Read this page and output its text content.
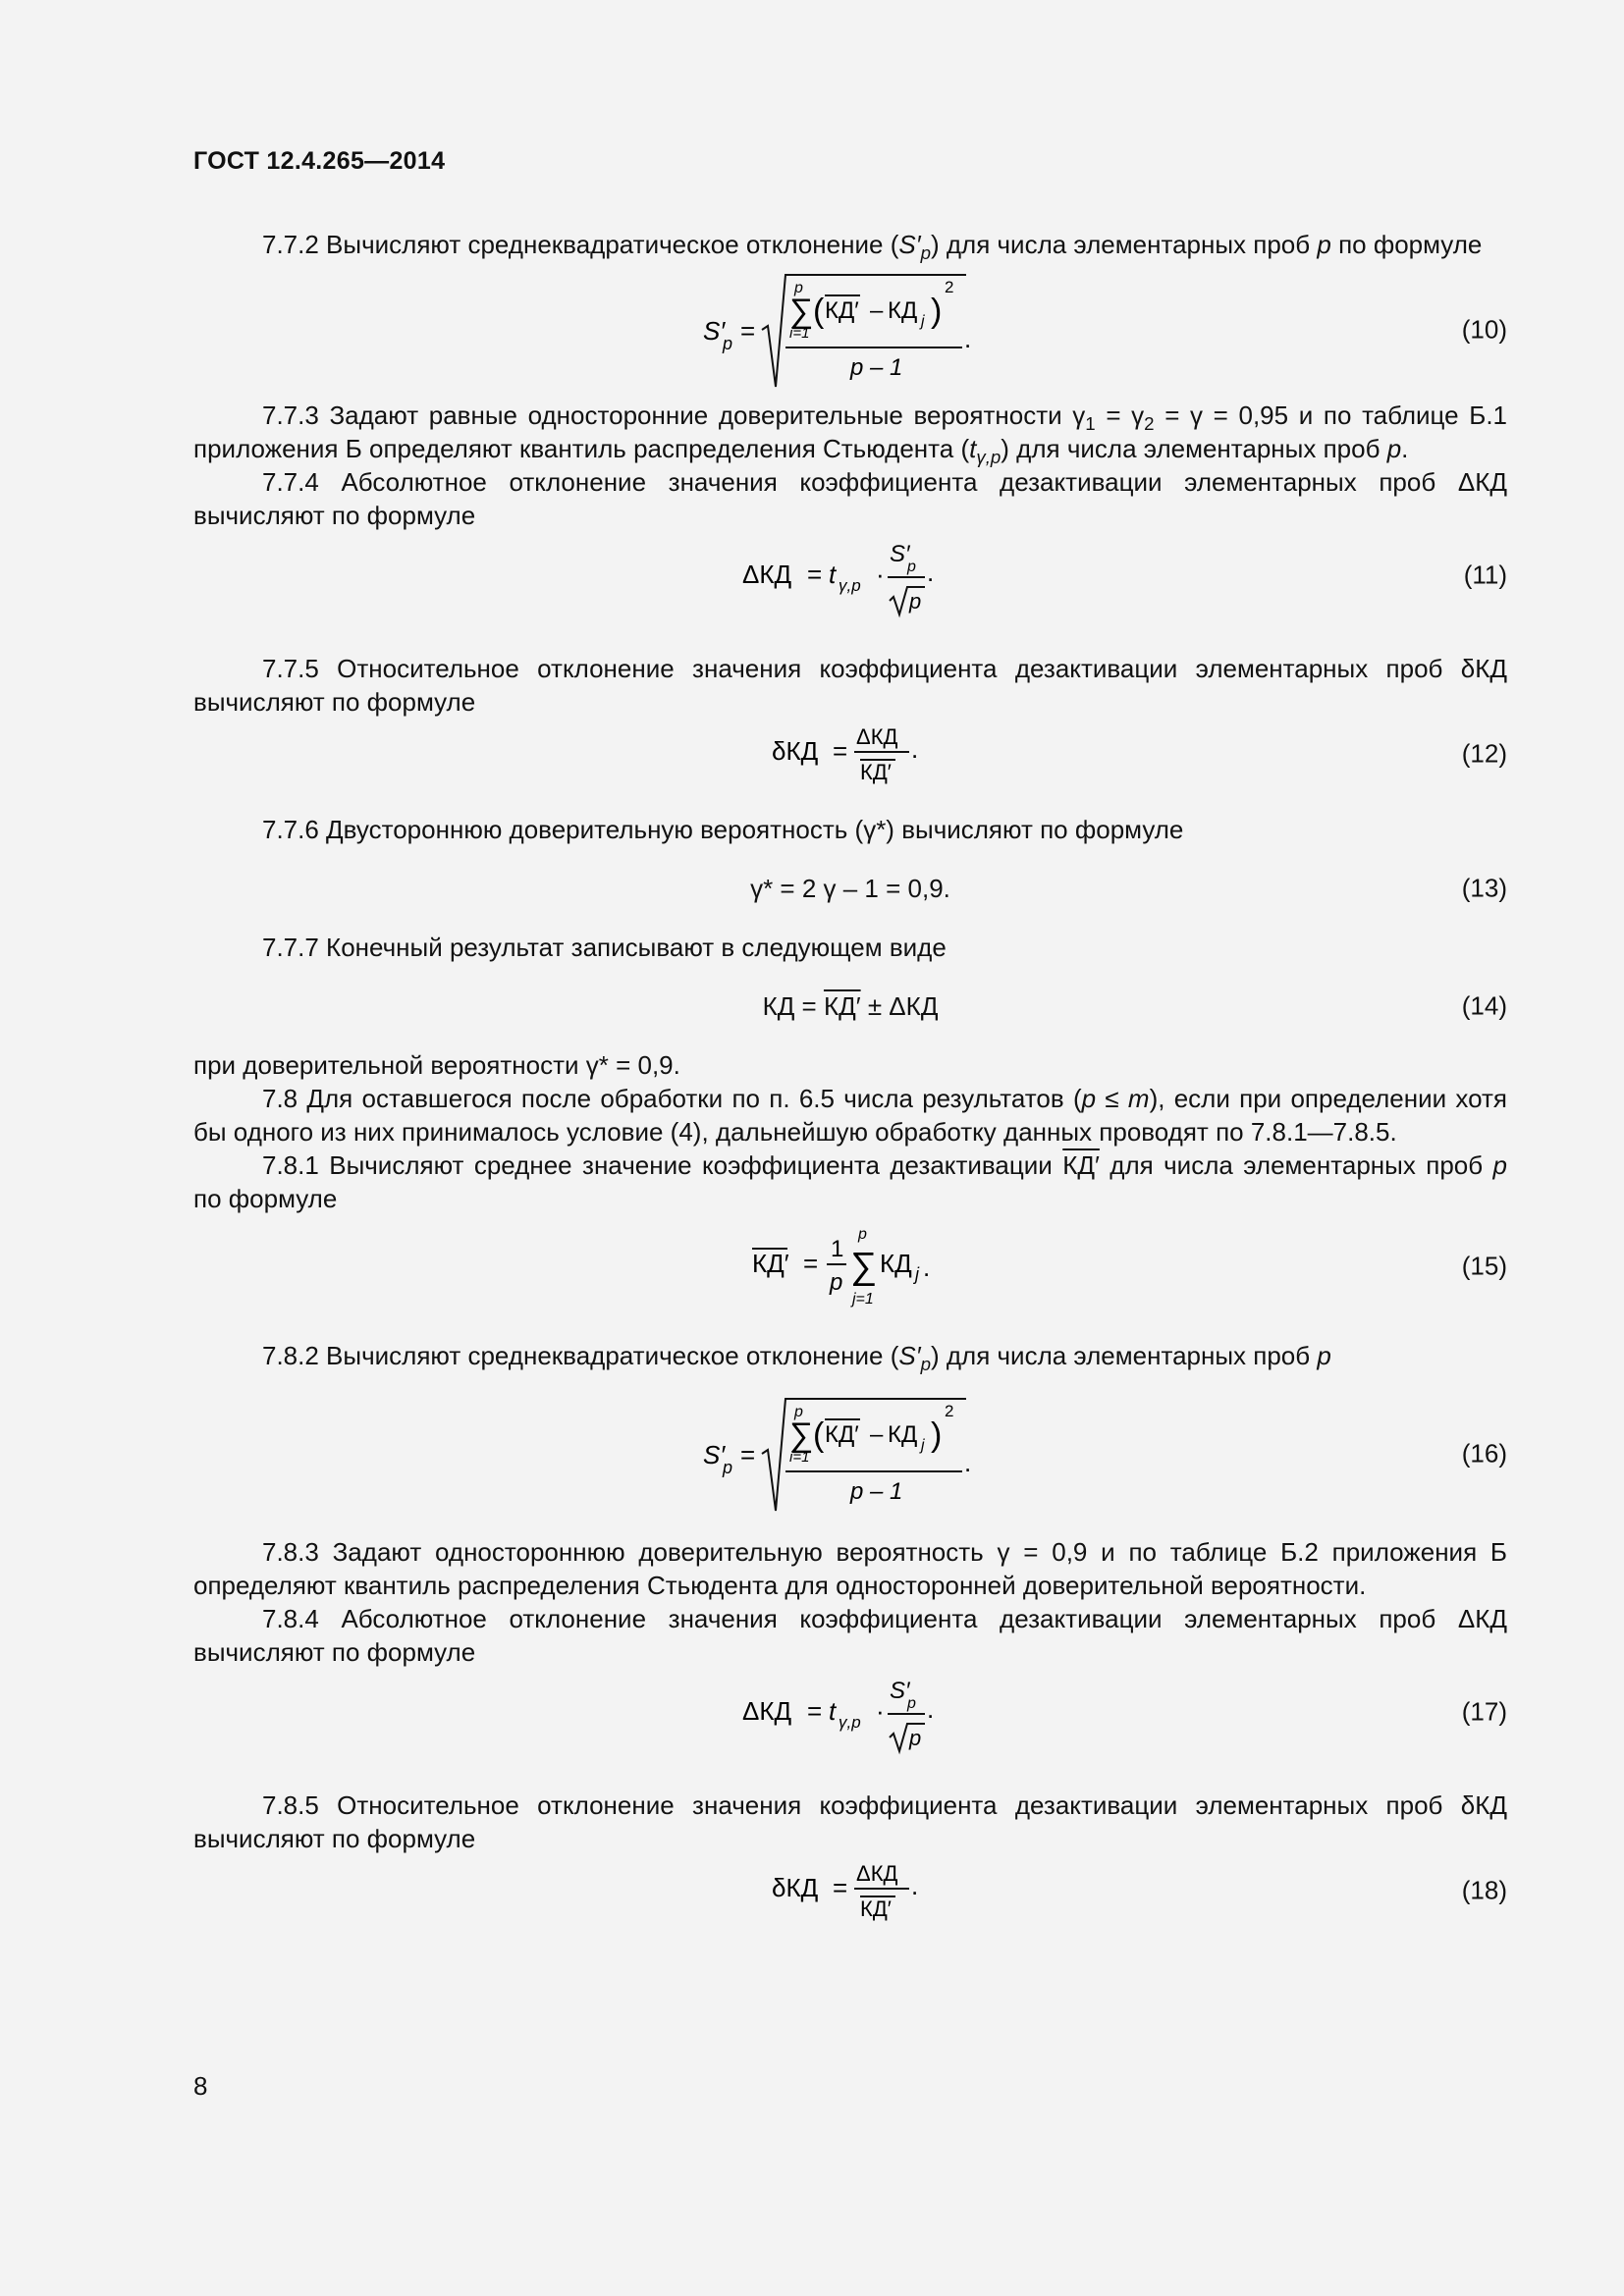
ГОСТ 12.4.265—2014

7.7.2 Вычисляют среднеквадратическое отклонение $(S'_p)$ для числа элементарных проб p по формуле

S′
p =
p
∑
i=1
( КД′ – КД j )
2
p – 1
.	(10)

7.7.3 Задают равные односторонние доверительные вероятности $\gamma_1 = \gamma_2 = \gamma = 0,95$ и по таблице Б.1 приложения Б определяют квантиль распределения Стьюдента $(t_{\gamma,p})$ для числа элементарных проб p.

7.7.4 Абсолютное отклонение значения коэффициента дезактивации элементарных проб ΔКД вычисляют по формуле

ΔКД = t γ,p ·
S′
p
p
.	(11)

7.7.5 Относительное отклонение значения коэффициента дезактивации элементарных проб δКД вычисляют по формуле

δКД = ΔКД
КД′
.	(12)

7.7.6 Двустороннюю доверительную вероятность (γ*) вычисляют по формуле

γ* = 2 γ – 1 = 0,9.	(13)

7.7.7 Конечный результат записывают в следующем виде

КД = КД′ ± ΔКД	(14)

при доверительной вероятности γ* = 0,9.

7.8 Для оставшегося после обработки по п. 6.5 числа результатов (p ≤ m), если при определении хотя бы одного из них принималось условие (4), дальнейшую обработку данных проводят по 7.8.1—7.8.5.

7.8.1 Вычисляют среднее значение коэффициента дезактивации КД′ для числа элементарных проб p по формуле

КД′ = 1
p
p
∑
j=1
КД j .	(15)

7.8.2 Вычисляют среднеквадратическое отклонение $(S'_p)$ для числа элементарных проб p

S′
p =
p
∑
i=1
( КД′ – КД j )
2
p – 1
.	(16)

7.8.3 Задают одностороннюю доверительную вероятность γ = 0,9 и по таблице Б.2 приложения Б определяют квантиль распределения Стьюдента для односторонней доверительной вероятности.

7.8.4 Абсолютное отклонение значения коэффициента дезактивации элементарных проб ΔКД вычисляют по формуле

ΔКД = t γ,p ·
S′
p
p
.	(17)

7.8.5 Относительное отклонение значения коэффициента дезактивации элементарных проб δКД вычисляют по формуле

δКД = ΔКД
КД′
.	(18)
8
